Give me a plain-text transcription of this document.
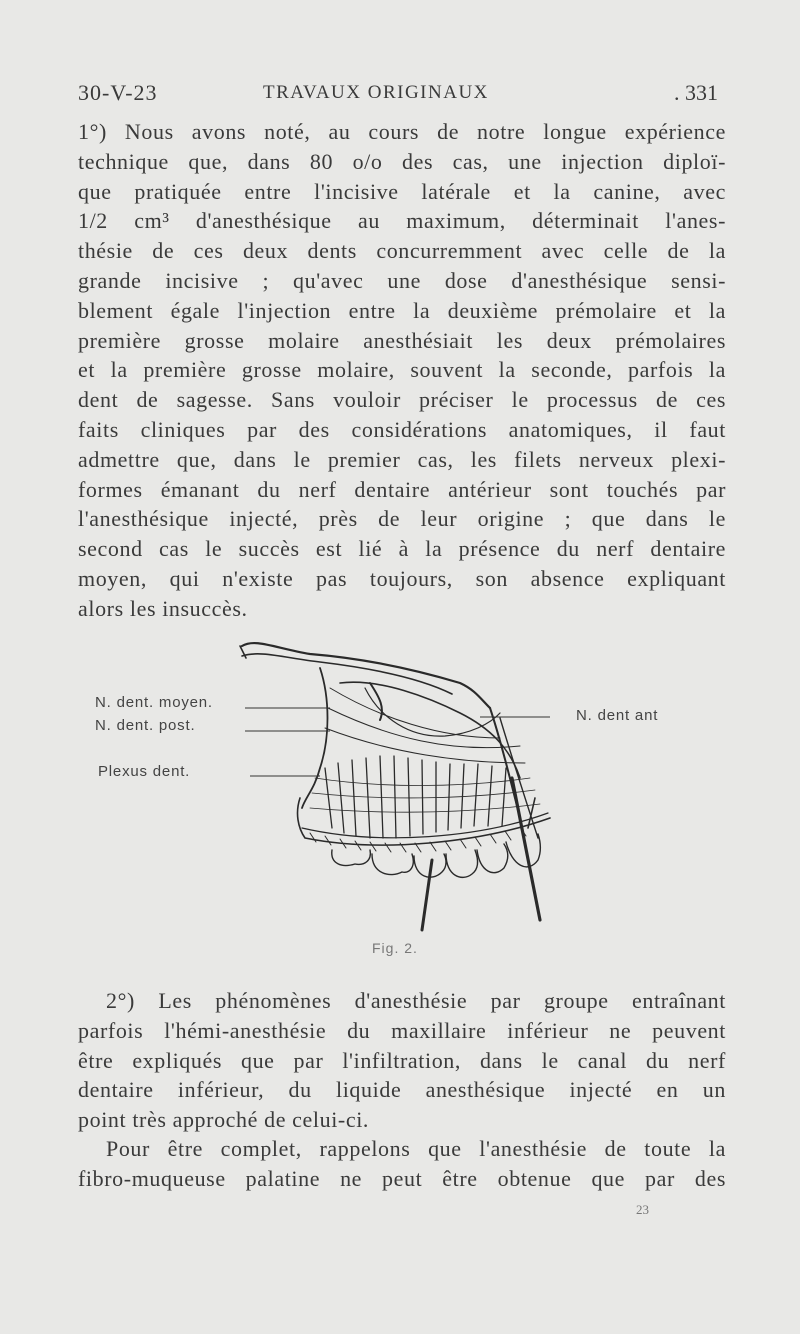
30-V-23	TRAVAUX ORIGINAUX	. 331
1°) Nous avons noté, au cours de notre longue expérience
technique que, dans 80 o/o des cas, une injection diploï-
que pratiquée entre l'incisive latérale et la canine, avec
1/2 cm³ d'anesthésique au maximum, déterminait l'anes-
thésie de ces deux dents concurremment avec celle de la
grande incisive ; qu'avec une dose d'anesthésique sensi-
blement égale l'injection entre la deuxième prémolaire et la
première grosse molaire anesthésiait les deux prémolaires
et la première grosse molaire, souvent la seconde, parfois la
dent de sagesse. Sans vouloir préciser le processus de ces
faits cliniques par des considérations anatomiques, il faut
admettre que, dans le premier cas, les filets nerveux plexi-
formes émanant du nerf dentaire antérieur sont touchés par
l'anesthésique injecté, près de leur origine ; que dans le
second cas le succès est lié à la présence du nerf dentaire
moyen, qui n'existe pas toujours, son absence expliquant
alors les insuccès.
N. dent. moyen.
N. dent. post.
Plexus dent.
N. dent ant
Fig. 2.
2°) Les phénomènes d'anesthésie par groupe entraînant
parfois l'hémi-anesthésie du maxillaire inférieur ne peuvent
être expliqués que par l'infiltration, dans le canal du nerf
dentaire inférieur, du liquide anesthésique injecté en un
point très approché de celui-ci.
Pour être complet, rappelons que l'anesthésie de toute la
fibro-muqueuse palatine ne peut être obtenue que par des
23
